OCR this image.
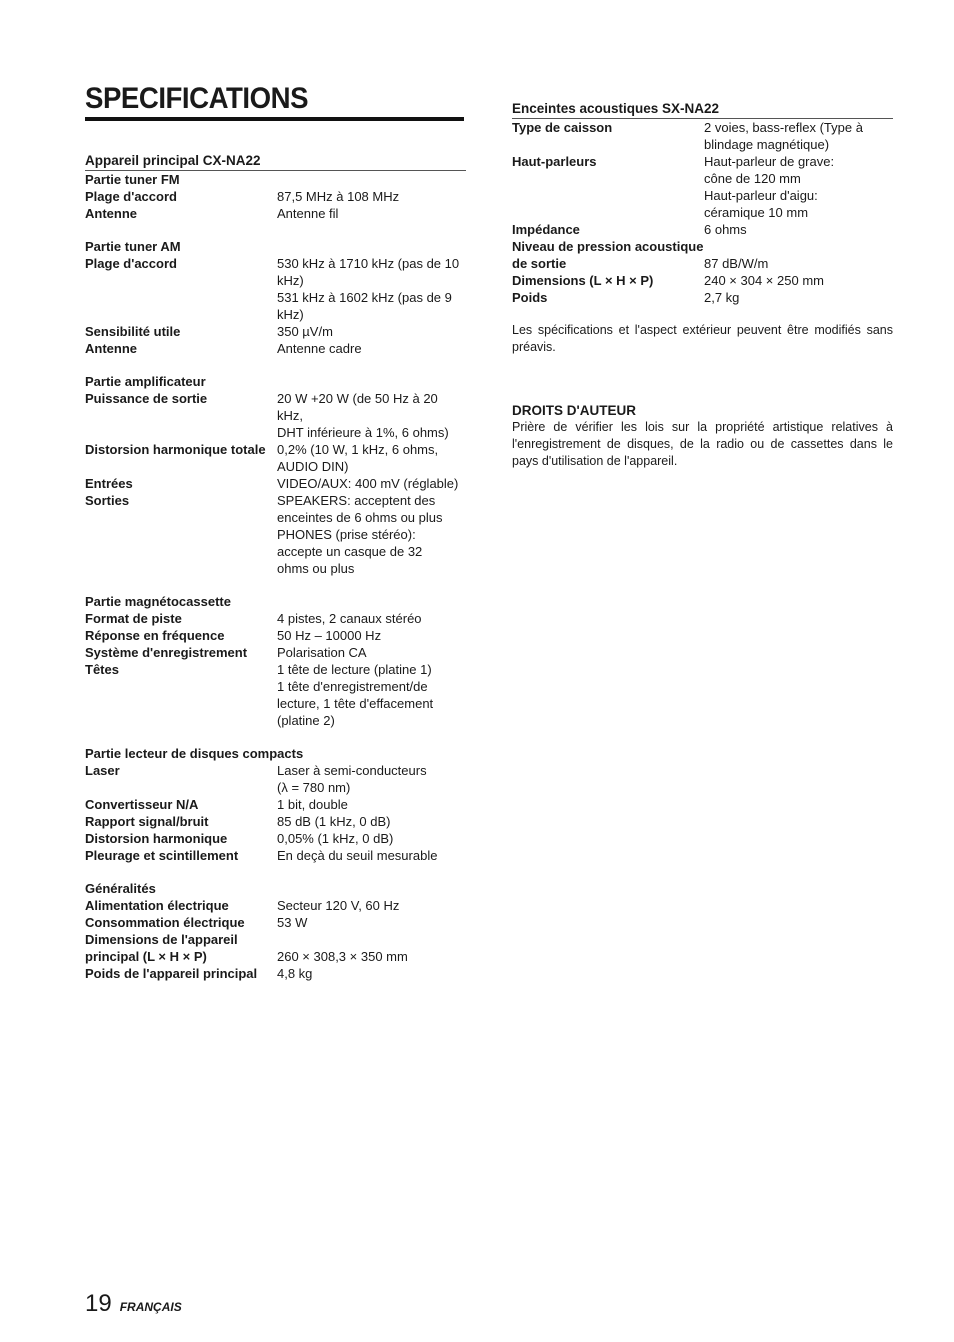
SPECIFICATIONS
Appareil principal CX-NA22
Partie tuner FM
Plage d'accord	87,5 MHz à 108 MHz
Antenne	Antenne fil
Partie tuner AM
Plage d'accord	530 kHz à 1710 kHz (pas de 10
kHz)
531 kHz à 1602 kHz (pas de 9
kHz)
Sensibilité utile	350 µV/m
Antenne	Antenne cadre
Partie amplificateur
Puissance de sortie	20 W +20 W (de 50 Hz à 20 kHz,
DHT inférieure à 1%, 6 ohms)
Distorsion harmonique totale 0,2% (10 W, 1 kHz, 6 ohms,
AUDIO DIN)
Entrées	VIDEO/AUX: 400 mV (réglable)
Sorties	SPEAKERS: acceptent des
enceintes de 6 ohms ou plus
PHONES (prise stéréo):
accepte un casque de 32
ohms ou plus
Partie magnétocassette
Format de piste	4 pistes, 2 canaux stéréo
Réponse en fréquence	50 Hz – 10000 Hz
Système d'enregistrement	Polarisation CA
Têtes	1 tête de lecture (platine 1)
1 tête d'enregistrement/de
lecture, 1 tête d'effacement
(platine 2)
Partie lecteur de disques compacts
Laser	Laser à semi-conducteurs
(λ = 780 nm)
Convertisseur N/A	1 bit, double
Rapport signal/bruit	85 dB (1 kHz, 0 dB)
Distorsion harmonique	0,05% (1 kHz, 0 dB)
Pleurage et scintillement	En deçà du seuil mesurable
Généralités
Alimentation électrique	Secteur 120 V, 60 Hz
Consommation électrique	53 W
Dimensions de l'appareil

principal (L × H × P)	260 × 308,3 × 350 mm
Poids de l'appareil principal	4,8 kg
Enceintes acoustiques SX-NA22
Type de caisson	2 voies, bass-reflex (Type à
blindage magnétique)
Haut-parleurs	Haut-parleur de grave:
cône de 120 mm
Haut-parleur d'aigu:
céramique 10 mm
Impédance	6 ohms
Niveau de pression acoustique

de sortie	87 dB/W/m
Dimensions (L × H × P)	240 × 304 × 250 mm
Poids	2,7 kg
Les spécifications et l'aspect extérieur peuvent être modifiés sans préavis.
DROITS D'AUTEUR
Prière de vérifier les lois sur la propriété artistique relatives à l'enregistrement de disques, de la radio ou de cassettes dans le pays d'utilisation de l'appareil.
19 FRANÇAIS
